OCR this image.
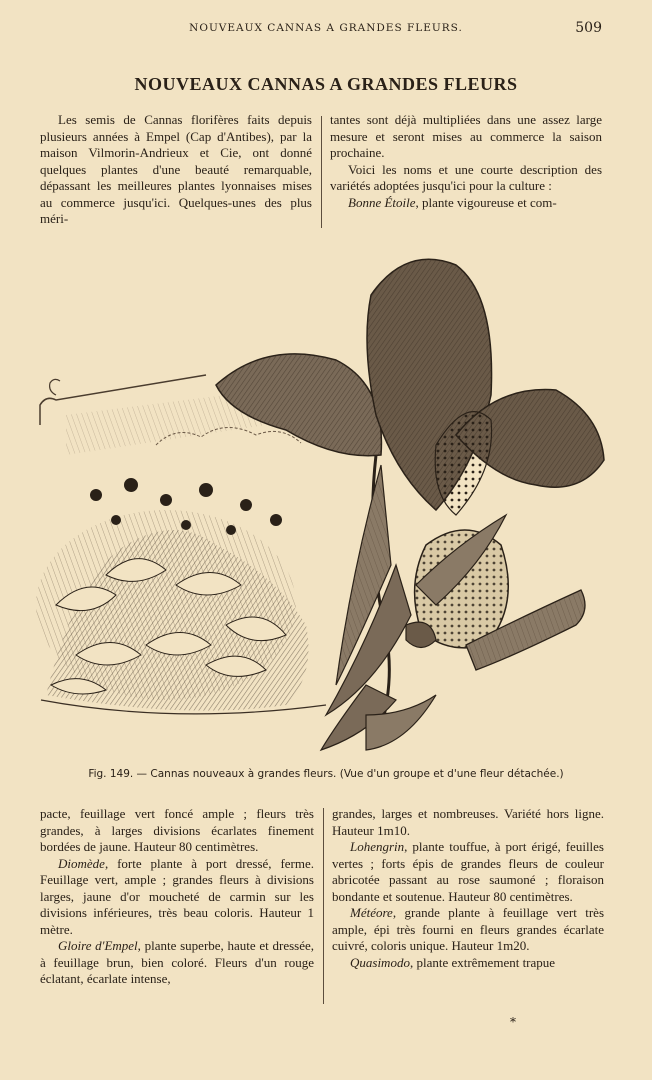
NOUVEAUX CANNAS A GRANDES FLEURS.	509
NOUVEAUX CANNAS A GRANDES FLEURS

Les semis de Cannas florifères faits depuis plusieurs années à Empel (Cap d'Antibes), par la maison Vilmorin-Andrieux et Cie, ont donné quelques plantes d'une beauté remarquable, dépassant les meilleures plantes lyonnaises mises au commerce jusqu'ici. Quelques-unes des plus méri-

tantes sont déjà multipliées dans une assez large mesure et seront mises au commerce la saison prochaine.

Voici les noms et une courte description des variétés adoptées jusqu'ici pour la culture :

Bonne Étoile, plante vigoureuse et com-

Fig. 149. — Cannas nouveaux à grandes fleurs. (Vue d'un groupe et d'une fleur détachée.)

pacte, feuillage vert foncé ample ; fleurs très grandes, à larges divisions écarlates finement bordées de jaune. Hauteur 80 centimètres.

Diomède, forte plante à port dressé, ferme. Feuillage vert, ample ; grandes fleurs à divisions larges, jaune d'or moucheté de carmin sur les divisions inférieures, très beau coloris. Hauteur 1 mètre.

Gloire d'Empel, plante superbe, haute et dressée, à feuillage brun, bien coloré. Fleurs d'un rouge éclatant, écarlate intense,

grandes, larges et nombreuses. Variété hors ligne. Hauteur 1m10.

Lohengrin, plante touffue, à port érigé, feuilles vertes ; forts épis de grandes fleurs de couleur abricotée passant au rose saumoné ; floraison bondante et soutenue. Hauteur 80 centimètres.

Météore, grande plante à feuillage vert très ample, épi très fourni en fleurs grandes écarlate cuivré, coloris unique. Hauteur 1m20.

Quasimodo, plante extrêmement trapue

*
